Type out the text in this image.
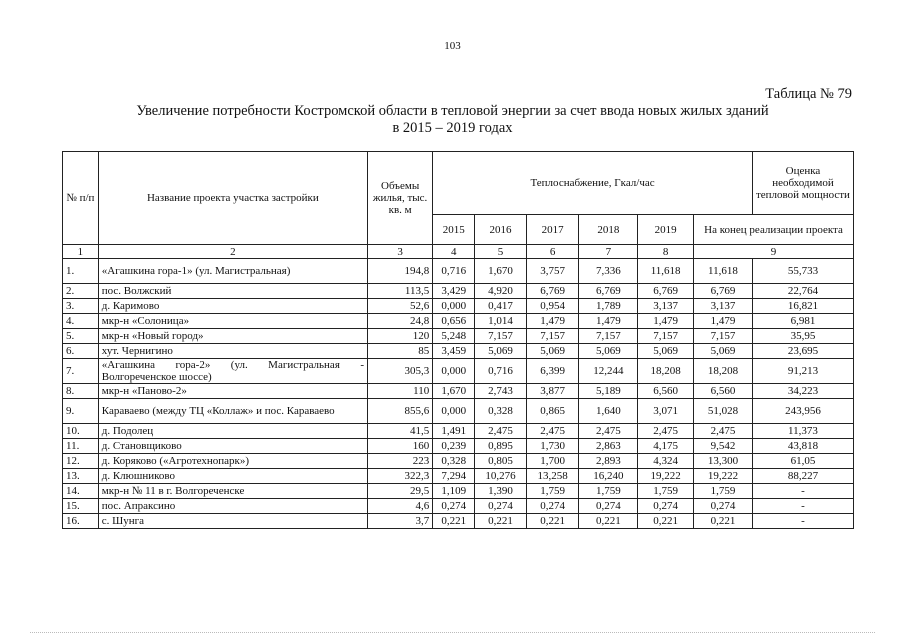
103
Таблица № 79
Увеличение потребности Костромской области в тепловой энергии за счет ввода новых жилых зданий
в 2015 – 2019 годах
№ п/п	Название проекта участка застройки	Объемы жилья, тыс. кв. м	Теплоснабжение, Гкал/час						Оценка необходимой тепловой мощности
			2015	2016	2017	2018	2019	На конец реализации проекта	
1	2	3	4	5	6	7	8	9	
1.	«Агашкина гора-1» (ул. Магистральная)	194,8	0,716	1,670	3,757	7,336	11,618	11,618	55,733
2.	пос. Волжский	113,5	3,429	4,920	6,769	6,769	6,769	6,769	22,764
3.	д. Каримово	52,6	0,000	0,417	0,954	1,789	3,137	3,137	16,821
4.	мкр-н «Солоница»	24,8	0,656	1,014	1,479	1,479	1,479	1,479	6,981
5.	мкр-н «Новый город»	120	5,248	7,157	7,157	7,157	7,157	7,157	35,95
6.	хут. Чернигино	85	3,459	5,069	5,069	5,069	5,069	5,069	23,695
7.	«Агашкина гора-2» (ул. Магистральная - Волгореченское шоссе)	305,3	0,000	0,716	6,399	12,244	18,208	18,208	91,213
8.	мкр-н «Паново-2»	110	1,670	2,743	3,877	5,189	6,560	6,560	34,223
9.	Караваево (между ТЦ «Коллаж» и пос. Караваево	855,6	0,000	0,328	0,865	1,640	3,071	51,028	243,956
10.	д. Подолец	41,5	1,491	2,475	2,475	2,475	2,475	2,475	11,373
11.	д. Становщиково	160	0,239	0,895	1,730	2,863	4,175	9,542	43,818
12.	д. Коряково («Агротехнопарк»)	223	0,328	0,805	1,700	2,893	4,324	13,300	61,05
13.	д. Клюшниково	322,3	7,294	10,276	13,258	16,240	19,222	19,222	88,227
14.	мкр-н № 11 в г. Волгореченске	29,5	1,109	1,390	1,759	1,759	1,759	1,759	-
15.	пос. Апраксино	4,6	0,274	0,274	0,274	0,274	0,274	0,274	-
16.	с. Шунга	3,7	0,221	0,221	0,221	0,221	0,221	0,221	-
